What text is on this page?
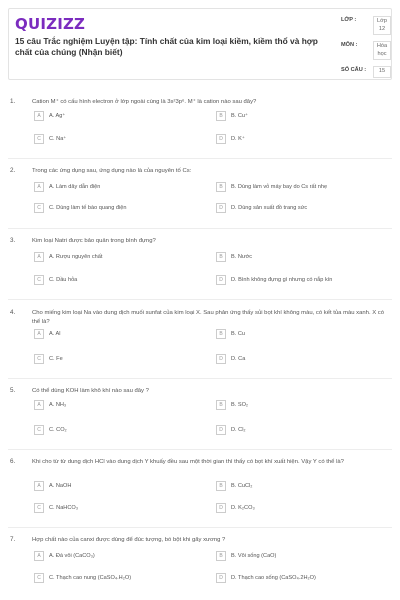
QUIZIZZ
15 câu Trắc nghiệm Luyện tập: Tính chất của kim loại kiềm, kiềm thổ và hợp chất của chúng (Nhận biết)
LỚP :	Lớp 12
MÔN :	Hóa học
SỐ CÂU :	15
1.	Cation M⁺ có cấu hình electron ở lớp ngoài cùng là 3s²3p⁶. M⁺ là cation nào sau đây?
A	A. Ag⁺	B	B. Cu⁺
C	C. Na⁺	D	D. K⁺
2.	Trong các ứng dụng sau, ứng dụng nào là của nguyên tố Cs:
A	A. Làm dây dẫn điện	B	B. Dùng làm vỏ máy bay do Cs rất nhẹ
C	C. Dùng làm tế bào quang điện	D	D. Dùng sản xuất đồ trang sức
3.	Kim loại Natri được bảo quản trong bình đựng?
A	A. Rượu nguyên chất	B	B. Nước
C	C. Dầu hỏa	D	D. Bình không đựng gì nhưng có nắp kín
4.	Cho miếng kim loại Na vào dung dịch muối sunfat của kim loại X. Sau phản ứng thấy sủi bọt khí không màu, có kết tủa màu xanh. X có thể là?
A	A. Al	B	B. Cu
C	C. Fe	D	D. Ca
5.	Có thể dùng KOH làm khô khí nào sau đây ?
A	A. NH₃	B	B. SO₂
C	C. CO₂	D	D. Cl₂
6.	Khi cho từ từ dung dịch HCl vào dung dịch Y khuấy đều sau một thời gian thì thấy có bọt khí xuất hiện. Vậy Y có thể là?
A	A. NaOH	B	B. CuCl₂
C	C. NaHCO₃	D	D. K₂CO₃
7.	Hợp chất nào của canxi được dùng để đúc tượng, bó bột khi gãy xương ?
A	A. Đá vôi (CaCO₃)	B	B. Vôi sống (CaO)
C	C. Thạch cao nung (CaSO₄.H₂O)	D	D. Thạch cao sống (CaSO₄.2H₂O)
